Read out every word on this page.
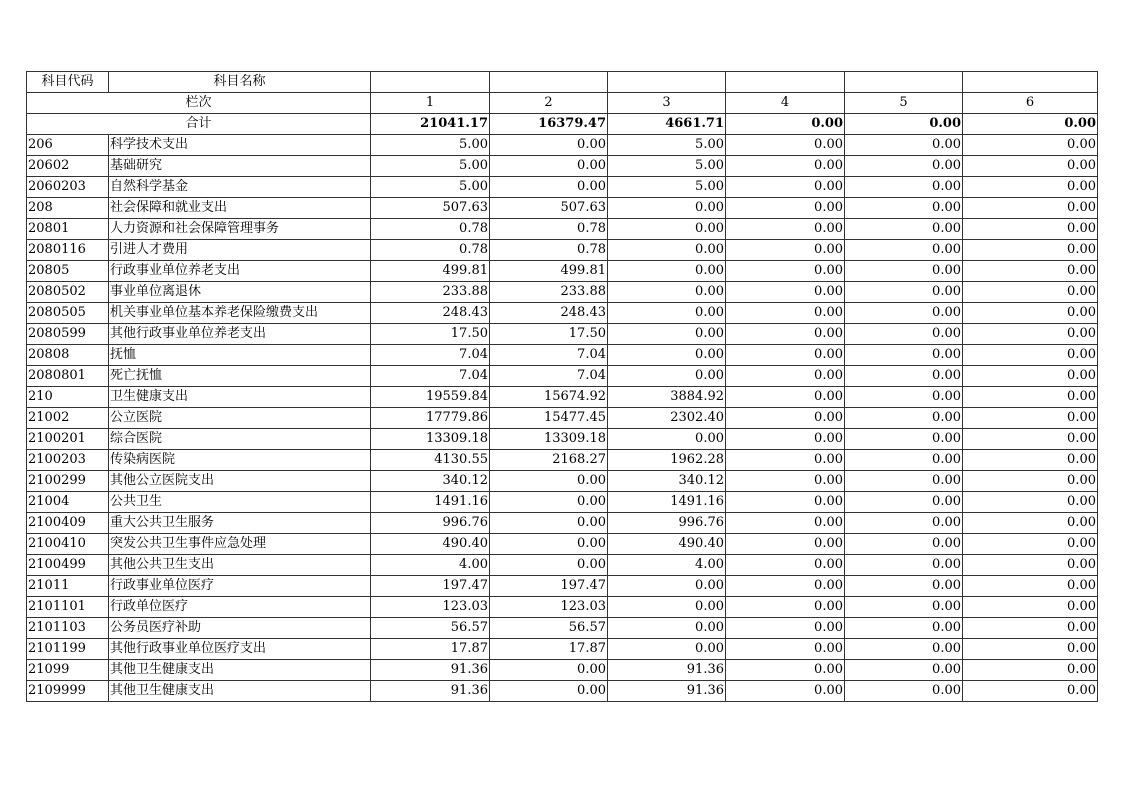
科目代码	科目名称						
栏次		1	2	3	4	5	6
合计		21041.17	16379.47	4661.71	0.00	0.00	0.00
206	科学技术支出	5.00	0.00	5.00	0.00	0.00	0.00
20602	基础研究	5.00	0.00	5.00	0.00	0.00	0.00
2060203	自然科学基金	5.00	0.00	5.00	0.00	0.00	0.00
208	社会保障和就业支出	507.63	507.63	0.00	0.00	0.00	0.00
20801	人力资源和社会保障管理事务	0.78	0.78	0.00	0.00	0.00	0.00
2080116	引进人才费用	0.78	0.78	0.00	0.00	0.00	0.00
20805	行政事业单位养老支出	499.81	499.81	0.00	0.00	0.00	0.00
2080502	事业单位离退休	233.88	233.88	0.00	0.00	0.00	0.00
2080505	机关事业单位基本养老保险缴费支出	248.43	248.43	0.00	0.00	0.00	0.00
2080599	其他行政事业单位养老支出	17.50	17.50	0.00	0.00	0.00	0.00
20808	抚恤	7.04	7.04	0.00	0.00	0.00	0.00
2080801	死亡抚恤	7.04	7.04	0.00	0.00	0.00	0.00
210	卫生健康支出	19559.84	15674.92	3884.92	0.00	0.00	0.00
21002	公立医院	17779.86	15477.45	2302.40	0.00	0.00	0.00
2100201	综合医院	13309.18	13309.18	0.00	0.00	0.00	0.00
2100203	传染病医院	4130.55	2168.27	1962.28	0.00	0.00	0.00
2100299	其他公立医院支出	340.12	0.00	340.12	0.00	0.00	0.00
21004	公共卫生	1491.16	0.00	1491.16	0.00	0.00	0.00
2100409	重大公共卫生服务	996.76	0.00	996.76	0.00	0.00	0.00
2100410	突发公共卫生事件应急处理	490.40	0.00	490.40	0.00	0.00	0.00
2100499	其他公共卫生支出	4.00	0.00	4.00	0.00	0.00	0.00
21011	行政事业单位医疗	197.47	197.47	0.00	0.00	0.00	0.00
2101101	行政单位医疗	123.03	123.03	0.00	0.00	0.00	0.00
2101103	公务员医疗补助	56.57	56.57	0.00	0.00	0.00	0.00
2101199	其他行政事业单位医疗支出	17.87	17.87	0.00	0.00	0.00	0.00
21099	其他卫生健康支出	91.36	0.00	91.36	0.00	0.00	0.00
2109999	其他卫生健康支出	91.36	0.00	91.36	0.00	0.00	0.00
